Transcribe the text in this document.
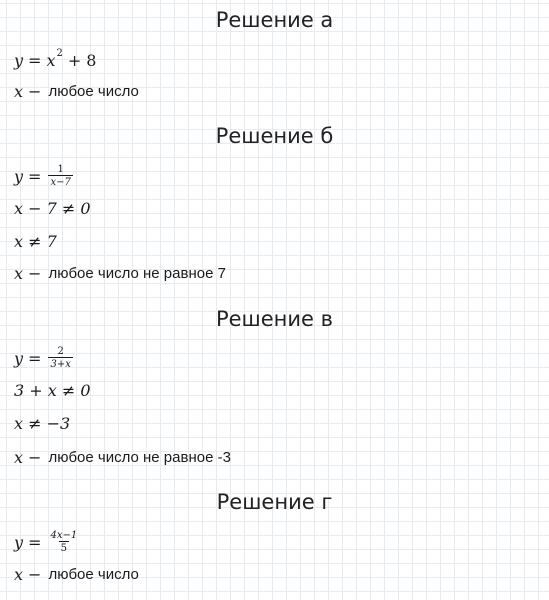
Решение а
y = x 2 + 8
x − любое число
Решение б
$y = \frac{1}{x-7}$
x − 7 ≠ 0
x ≠ 7
x − любое число не равное 7
Решение в
$y = \frac{2}{3+x}$
3 + x ≠ 0
x ≠ −3
x − любое число не равное -3
Решение г
$y = \frac{4x-1}{5}$
x − любое число
